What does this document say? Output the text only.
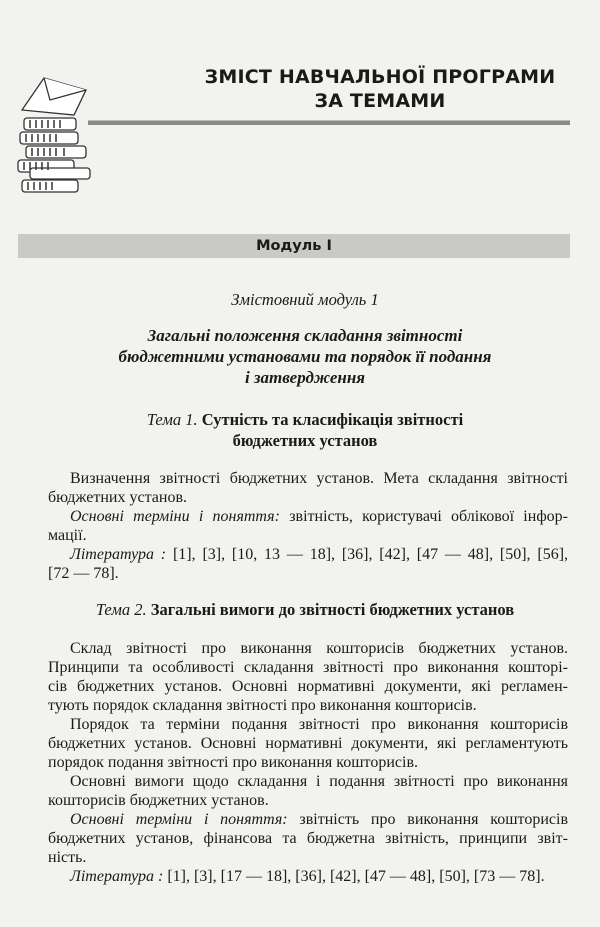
ЗМІСТ НАВЧАЛЬНОЇ ПРОГРАМИ
ЗА ТЕМАМИ
Модуль І
Змістовний модуль 1
Загальні положення складання звітності
бюджетними установами та порядок її подання
і затвердження
Тема 1. Сутність та класифікація звітності
бюджетних установ
Визначення звітності бюджетних установ. Мета складання звітності
бюджетних установ.
Основні терміни і поняття: звітність, користувачі облікової інфор-
мації.
Література : [1], [3], [10, 13 — 18], [36], [42], [47 — 48], [50], [56],
[72 — 78].
Тема 2. Загальні вимоги до звітності бюджетних установ
Склад звітності про виконання кошторисів бюджетних установ.
Принципи та особливості складання звітності про виконання кошторі-
сів бюджетних установ. Основні нормативні документи, які регламен-
тують порядок складання звітності про виконання кошторисів.
Порядок та терміни подання звітності про виконання кошторисів
бюджетних установ. Основні нормативні документи, які регламентують
порядок подання звітності про виконання кошторисів.
Основні вимоги щодо складання і подання звітності про виконання
кошторисів бюджетних установ.
Основні терміни і поняття: звітність про виконання кошторисів
бюджетних установ, фінансова та бюджетна звітність, принципи звіт-
ність.
Література : [1], [3], [17 — 18], [36], [42], [47 — 48], [50], [73 — 78].
